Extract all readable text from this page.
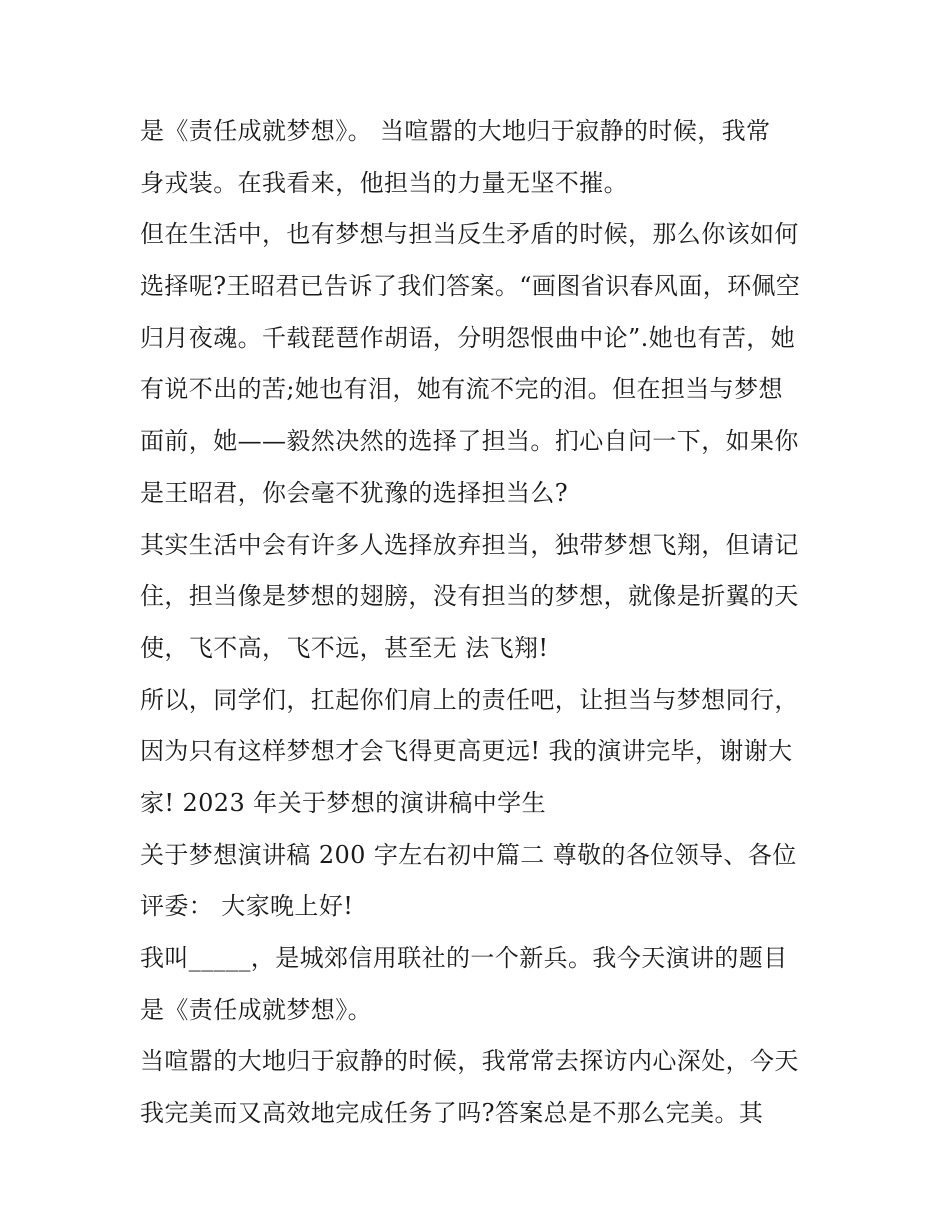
是《责任成就梦想》。 当喧嚣的大地归于寂静的时候，我常
身戎装。在我看来，他担当的力量无坚不摧。
但在生活中，也有梦想与担当反生矛盾的时候，那么你该如何
选择呢?王昭君已告诉了我们答案。“画图省识春风面，环佩空
归月夜魂。千载琵琶作胡语，分明怨恨曲中论”.她也有苦，她
有说不出的苦;她也有泪，她有流不完的泪。但在担当与梦想
面前，她——毅然决然的选择了担当。扪心自问一下，如果你
是王昭君，你会毫不犹豫的选择担当么?
其实生活中会有许多人选择放弃担当，独带梦想飞翔，但请记
住，担当像是梦想的翅膀，没有担当的梦想，就像是折翼的天
使，飞不高，飞不远，甚至无 法飞翔!
所以，同学们，扛起你们肩上的责任吧，让担当与梦想同行，
因为只有这样梦想才会飞得更高更远! 我的演讲完毕，谢谢大
家! 2023 年关于梦想的演讲稿中学生
关于梦想演讲稿 200 字左右初中篇二 尊敬的各位领导、各位
评委： 大家晚上好!
我叫_____，是城郊信用联社的一个新兵。我今天演讲的题目
是《责任成就梦想》。
当喧嚣的大地归于寂静的时候，我常常去探访内心深处，今天
我完美而又高效地完成任务了吗?答案总是不那么完美。其
